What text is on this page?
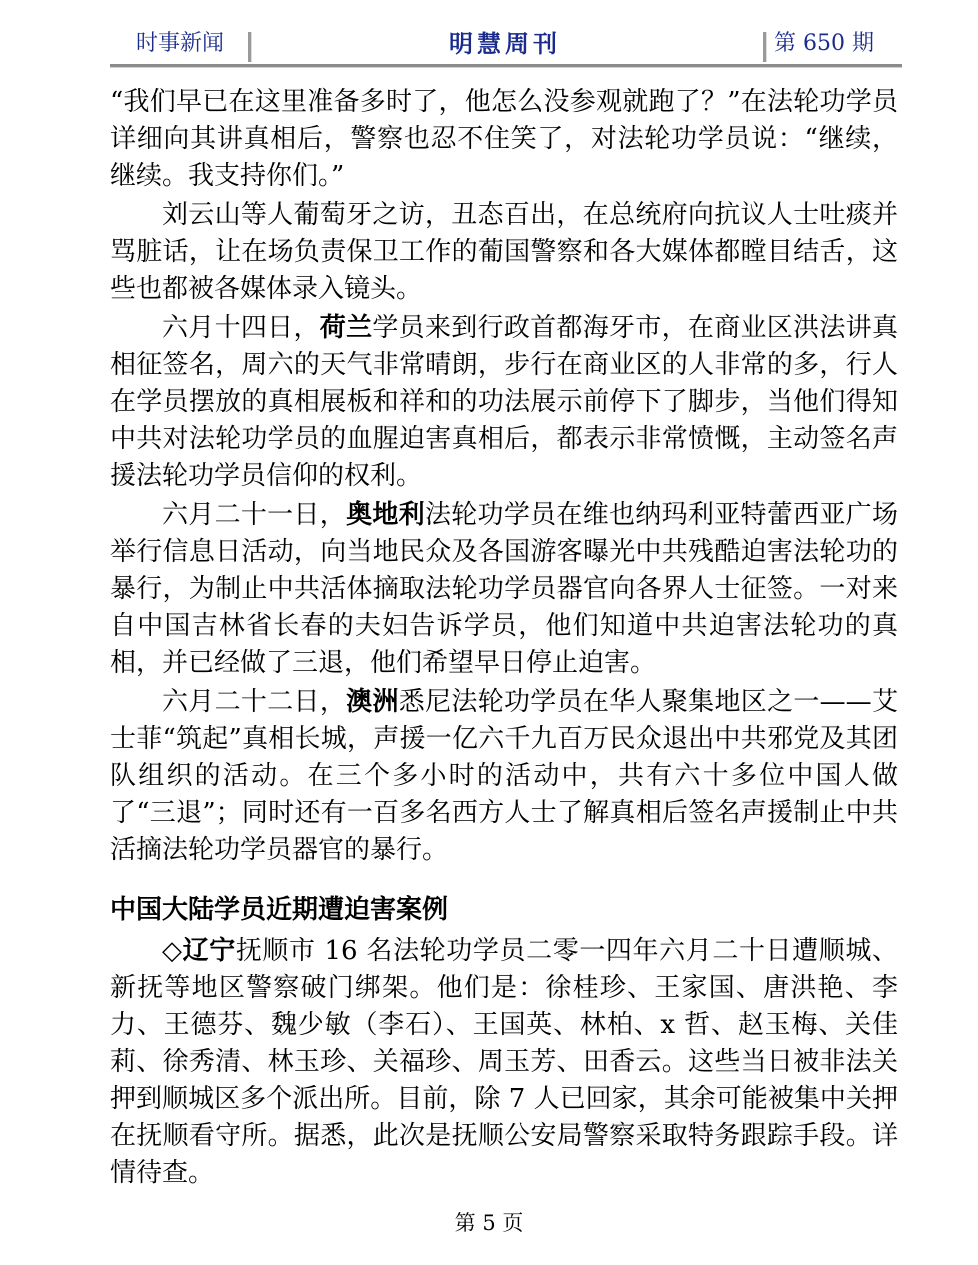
时事新闻	明慧周刊	第 650 期

“我们早已在这里准备多时了，他怎么没参观就跑了？”在法轮功学员详细向其讲真相后，警察也忍不住笑了，对法轮功学员说：“继续，继续。我支持你们。”

刘云山等人葡萄牙之访，丑态百出，在总统府向抗议人士吐痰并骂脏话，让在场负责保卫工作的葡国警察和各大媒体都瞠目结舌，这些也都被各媒体录入镜头。

六月十四日，荷兰学员来到行政首都海牙市，在商业区洪法讲真相征签名，周六的天气非常晴朗，步行在商业区的人非常的多，行人在学员摆放的真相展板和祥和的功法展示前停下了脚步，当他们得知中共对法轮功学员的血腥迫害真相后，都表示非常愤慨，主动签名声援法轮功学员信仰的权利。

六月二十一日，奥地利法轮功学员在维也纳玛利亚特蕾西亚广场举行信息日活动，向当地民众及各国游客曝光中共残酷迫害法轮功的暴行，为制止中共活体摘取法轮功学员器官向各界人士征签。一对来自中国吉林省长春的夫妇告诉学员，他们知道中共迫害法轮功的真相，并已经做了三退，他们希望早日停止迫害。

六月二十二日，澳洲悉尼法轮功学员在华人聚集地区之一——艾士菲“筑起”真相长城，声援一亿六千九百万民众退出中共邪党及其团队组织的活动。在三个多小时的活动中，共有六十多位中国人做了“三退”；同时还有一百多名西方人士了解真相后签名声援制止中共活摘法轮功学员器官的暴行。

中国大陆学员近期遭迫害案例

◇辽宁抚顺市 16 名法轮功学员二零一四年六月二十日遭顺城、新抚等地区警察破门绑架。他们是：徐桂珍、王家国、唐洪艳、李力、王德芬、魏少敏（李石）、王国英、林柏、x 哲、赵玉梅、关佳莉、徐秀清、林玉珍、关福珍、周玉芳、田香云。这些当日被非法关押到顺城区多个派出所。目前，除 7 人已回家，其余可能被集中关押在抚顺看守所。据悉，此次是抚顺公安局警察采取特务跟踪手段。详情待查。

第 5 页
